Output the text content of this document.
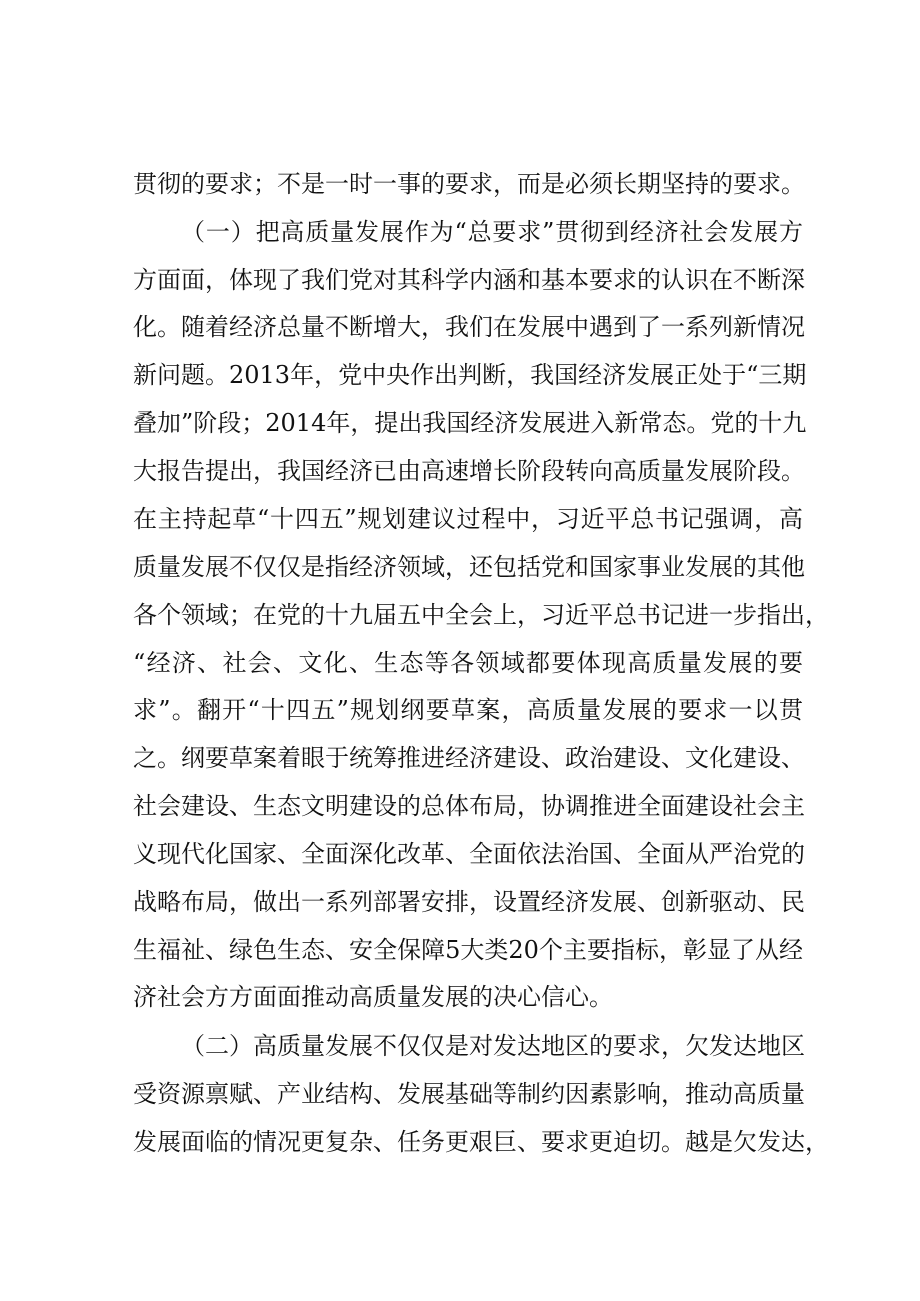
贯彻的要求；不是一时一事的要求，而是必须长期坚持的要求。
（一）把高质量发展作为“总要求”贯彻到经济社会发展方
方面面，体现了我们党对其科学内涵和基本要求的认识在不断深
化。随着经济总量不断增大，我们在发展中遇到了一系列新情况
新问题。2013年，党中央作出判断，我国经济发展正处于“三期
叠加”阶段；2014年，提出我国经济发展进入新常态。党的十九
大报告提出，我国经济已由高速增长阶段转向高质量发展阶段。
在主持起草“十四五”规划建议过程中，习近平总书记强调，高
质量发展不仅仅是指经济领域，还包括党和国家事业发展的其他
各个领域；在党的十九届五中全会上，习近平总书记进一步指出，
“经济、社会、文化、生态等各领域都要体现高质量发展的要
求”。翻开“十四五”规划纲要草案，高质量发展的要求一以贯
之。纲要草案着眼于统筹推进经济建设、政治建设、文化建设、
社会建设、生态文明建设的总体布局，协调推进全面建设社会主
义现代化国家、全面深化改革、全面依法治国、全面从严治党的
战略布局，做出一系列部署安排，设置经济发展、创新驱动、民
生福祉、绿色生态、安全保障5大类20个主要指标，彰显了从经
济社会方方面面推动高质量发展的决心信心。
（二）高质量发展不仅仅是对发达地区的要求，欠发达地区
受资源禀赋、产业结构、发展基础等制约因素影响，推动高质量
发展面临的情况更复杂、任务更艰巨、要求更迫切。越是欠发达，
